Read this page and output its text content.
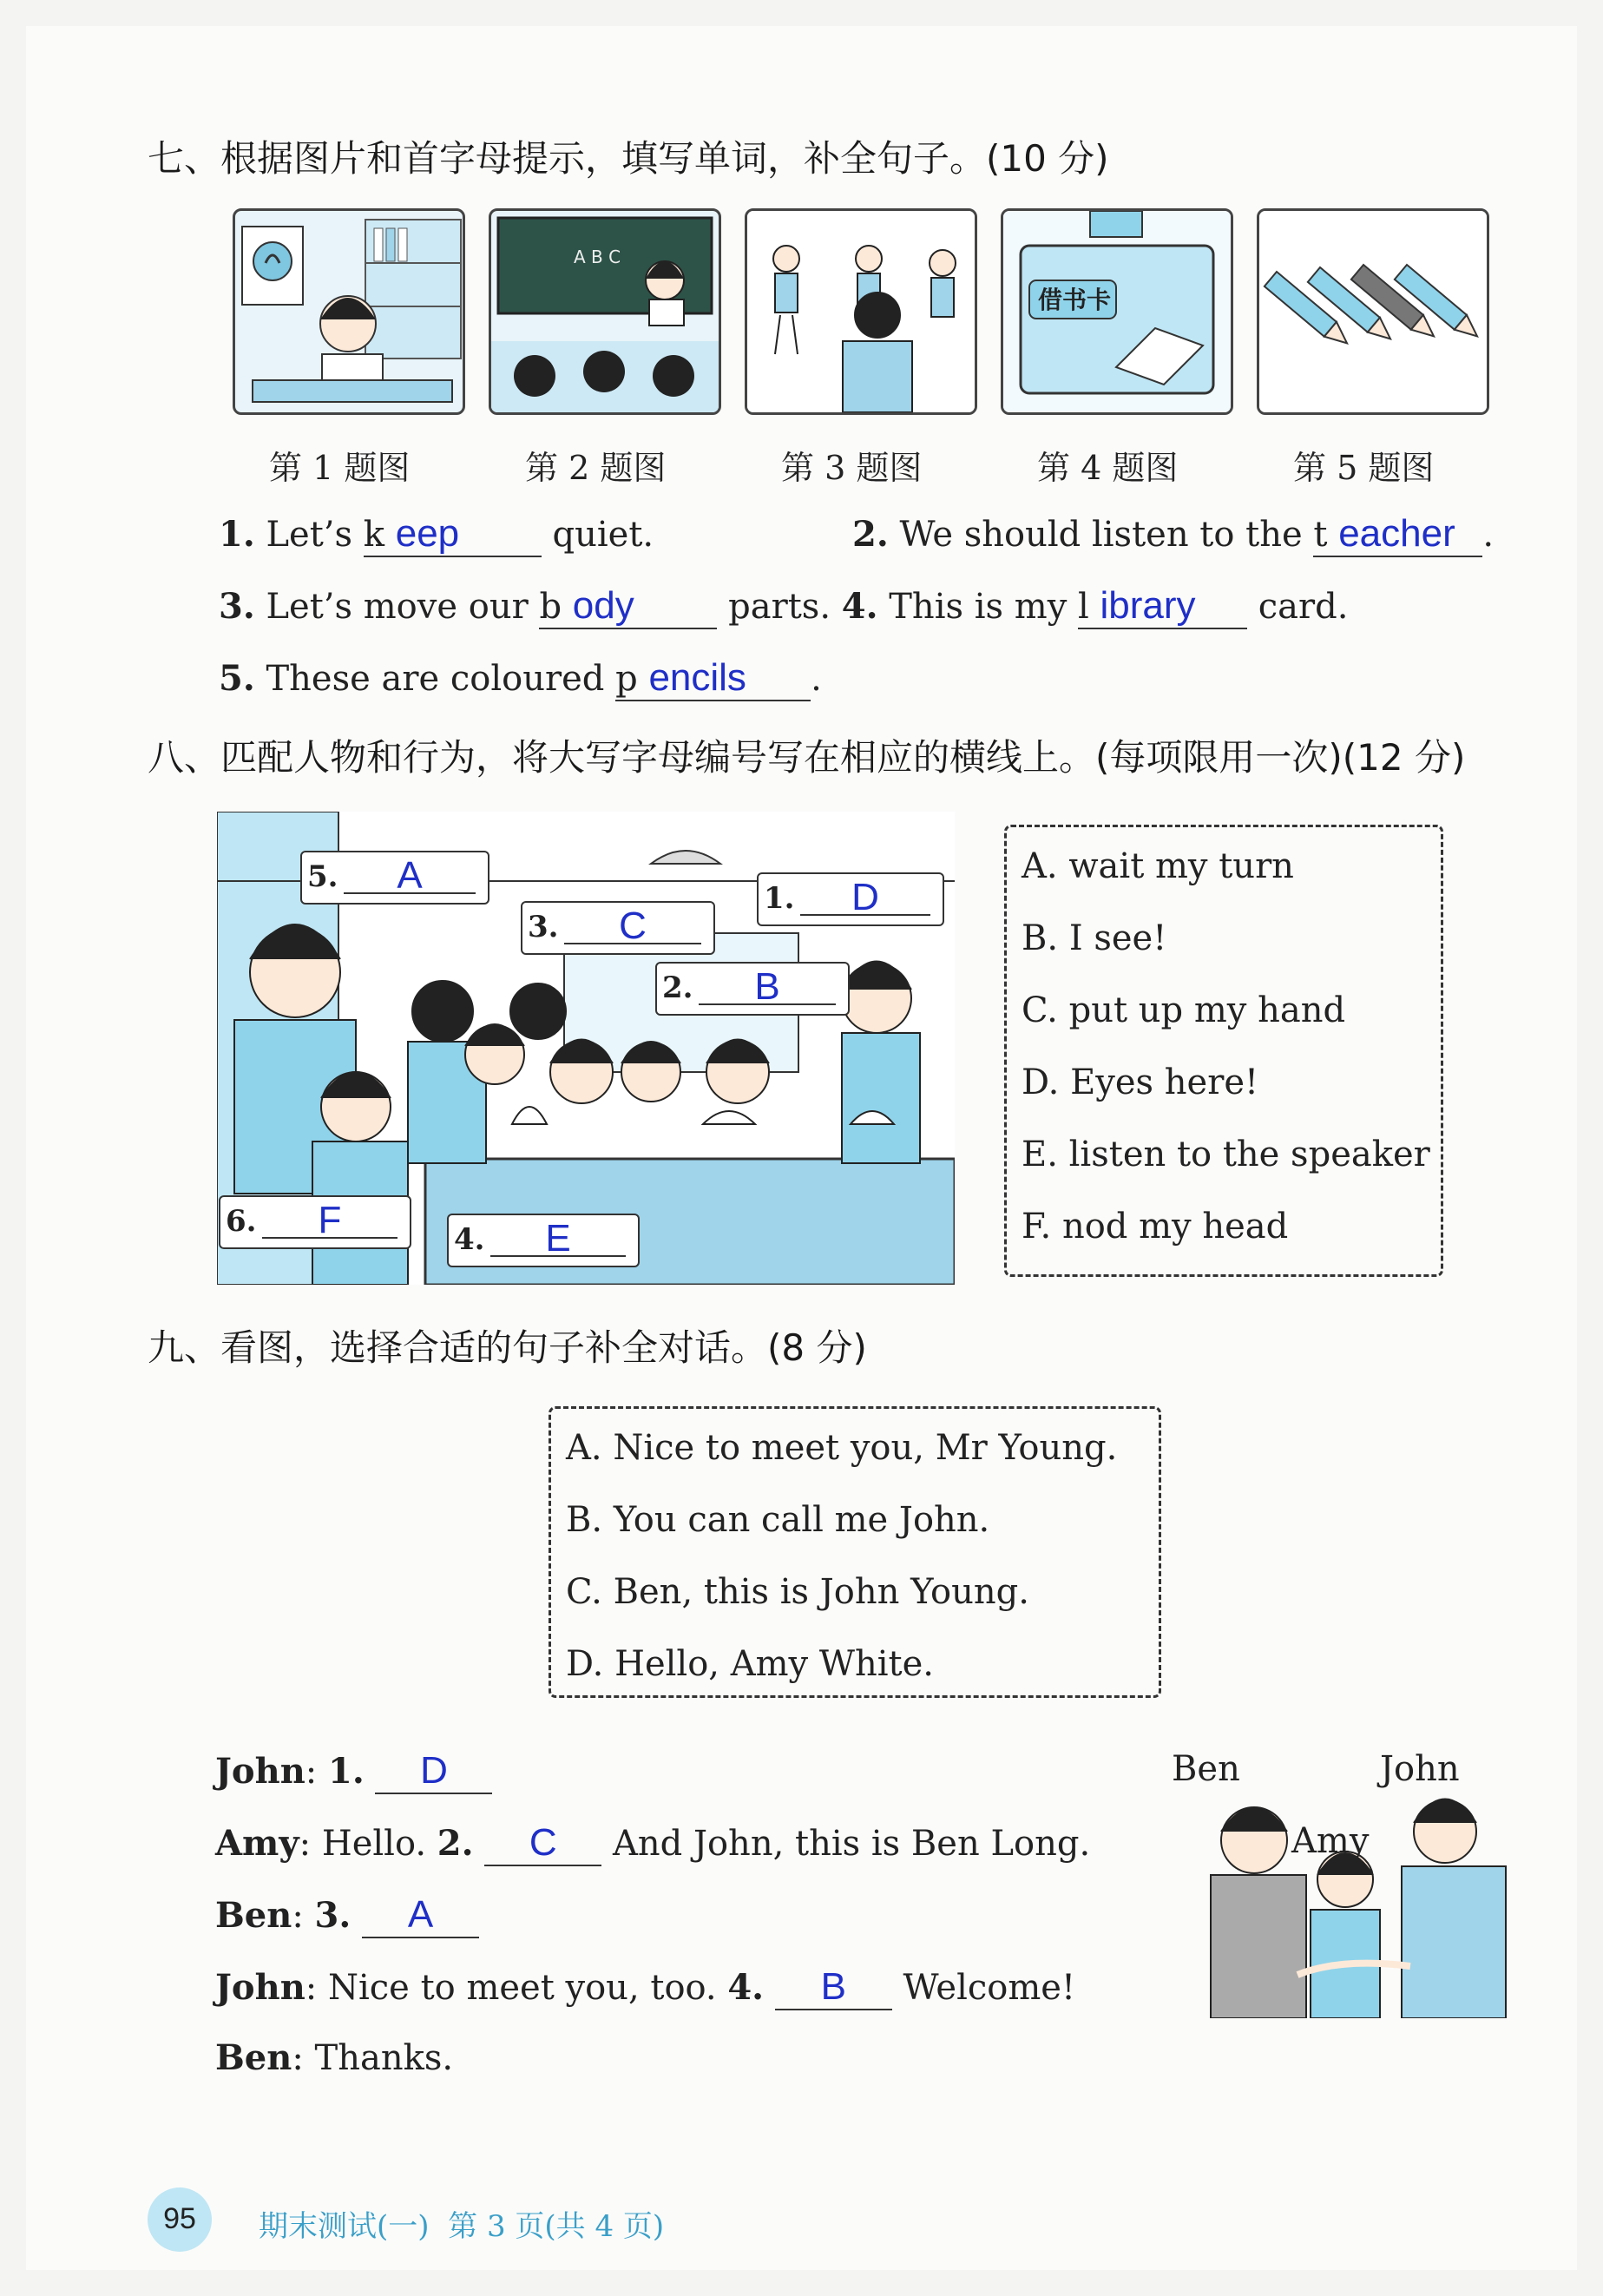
七、根据图片和首字母提示，填写单词，补全句子。(10 分)
A B C
借书卡
第 1 题图	第 2 题图	第 3 题图	第 4 题图	第 5 题图
1. Let’s k eep	quiet.	2. We should listen to the t eacher .
3. Let’s move our b ody	parts. 4. This is my l ibrary card.
5. These are coloured p encils .
八、匹配人物和行为，将大写字母编号写在相应的横线上。(每项限用一次)(12 分)
5.	A
3.	C
1.	D
2.	B
6.	F	4.	E
A. wait my turn
B. I see!
C. put up my hand
D. Eyes here!
E. listen to the speaker
F. nod my head
九、看图，选择合适的句子补全对话。(8 分)
A. Nice to meet you, Mr Young.
B. You can call me John.
C. Ben, this is John Young.
D. Hello, Amy White.
John: 1. D
Amy: Hello. 2. C And John, this is Ben Long.
Ben: 3. A
John: Nice to meet you, too. 4. B Welcome!
Ben: Thanks.
Ben
Amy
John
95	期末测试(一)  第 3 页(共 4 页)
